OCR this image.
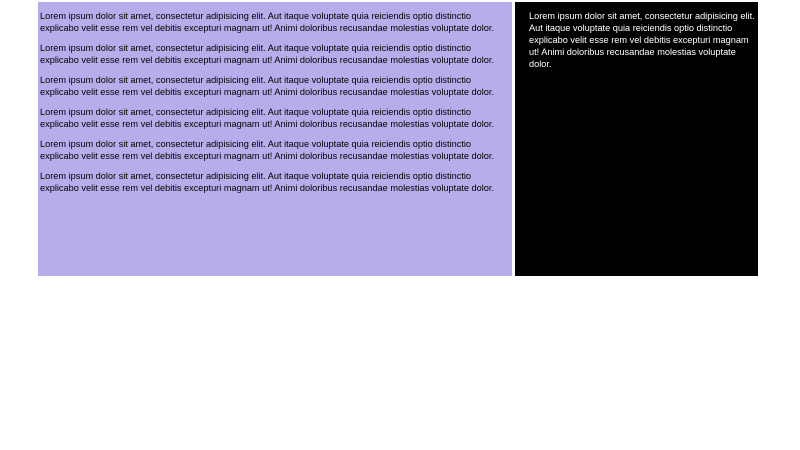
Lorem ipsum dolor sit amet, consectetur adipisicing elit. Aut itaque voluptate quia reiciendis optio distinctio explicabo velit esse rem vel debitis excepturi magnam ut! Animi doloribus recusandae molestias voluptate dolor.

Lorem ipsum dolor sit amet, consectetur adipisicing elit. Aut itaque voluptate quia reiciendis optio distinctio explicabo velit esse rem vel debitis excepturi magnam ut! Animi doloribus recusandae molestias voluptate dolor.

Lorem ipsum dolor sit amet, consectetur adipisicing elit. Aut itaque voluptate quia reiciendis optio distinctio explicabo velit esse rem vel debitis excepturi magnam ut! Animi doloribus recusandae molestias voluptate dolor.

Lorem ipsum dolor sit amet, consectetur adipisicing elit. Aut itaque voluptate quia reiciendis optio distinctio explicabo velit esse rem vel debitis excepturi magnam ut! Animi doloribus recusandae molestias voluptate dolor.

Lorem ipsum dolor sit amet, consectetur adipisicing elit. Aut itaque voluptate quia reiciendis optio distinctio explicabo velit esse rem vel debitis excepturi magnam ut! Animi doloribus recusandae molestias voluptate dolor.

Lorem ipsum dolor sit amet, consectetur adipisicing elit. Aut itaque voluptate quia reiciendis optio distinctio explicabo velit esse rem vel debitis excepturi magnam ut! Animi doloribus recusandae molestias voluptate dolor.

Lorem ipsum dolor sit amet, consectetur adipisicing elit. Aut itaque voluptate quia reiciendis optio distinctio explicabo velit esse rem vel debitis excepturi magnam ut! Animi doloribus recusandae molestias voluptate dolor.
